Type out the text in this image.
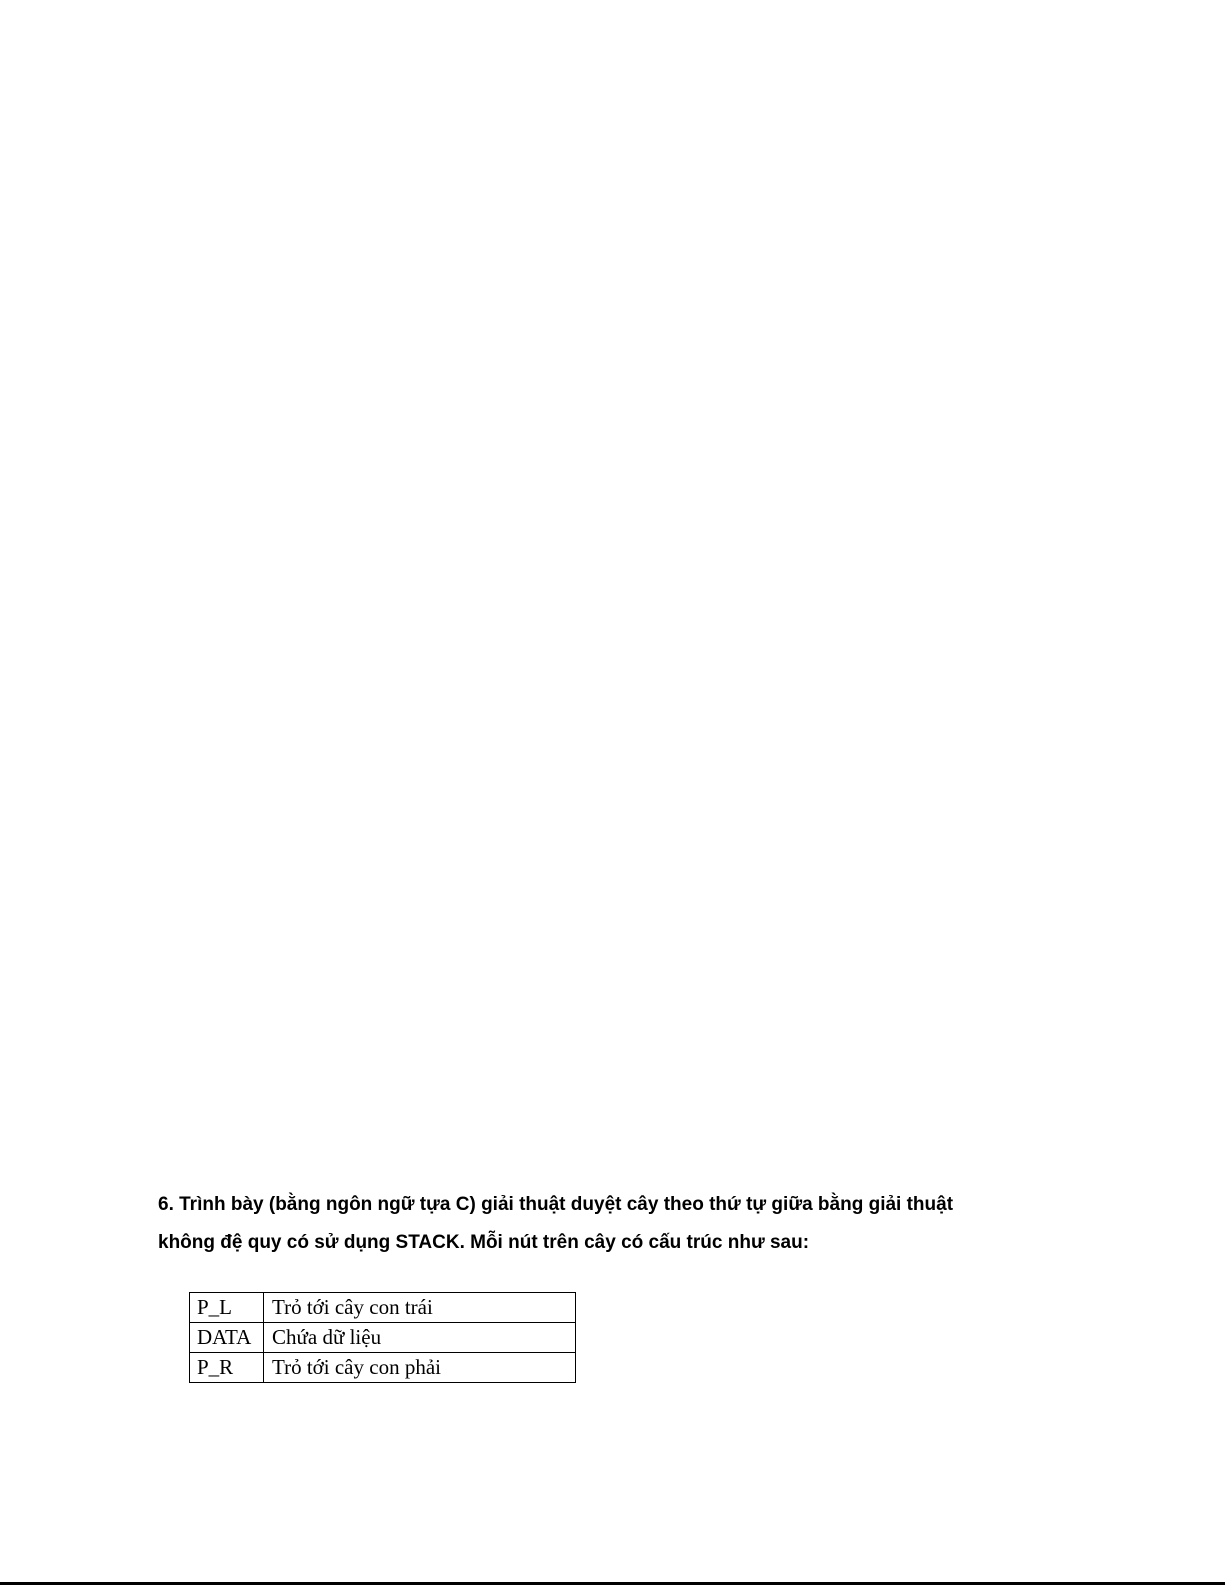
6. Trình bày (bằng ngôn ngữ tựa C) giải thuật duyệt cây theo thứ tự giữa bằng giải thuật
không đệ quy có sử dụng STACK. Mỗi nút trên cây có cấu trúc như sau:
P_L	Trỏ tới cây con trái
DATA	Chứa dữ liệu
P_R	Trỏ tới cây con phải
